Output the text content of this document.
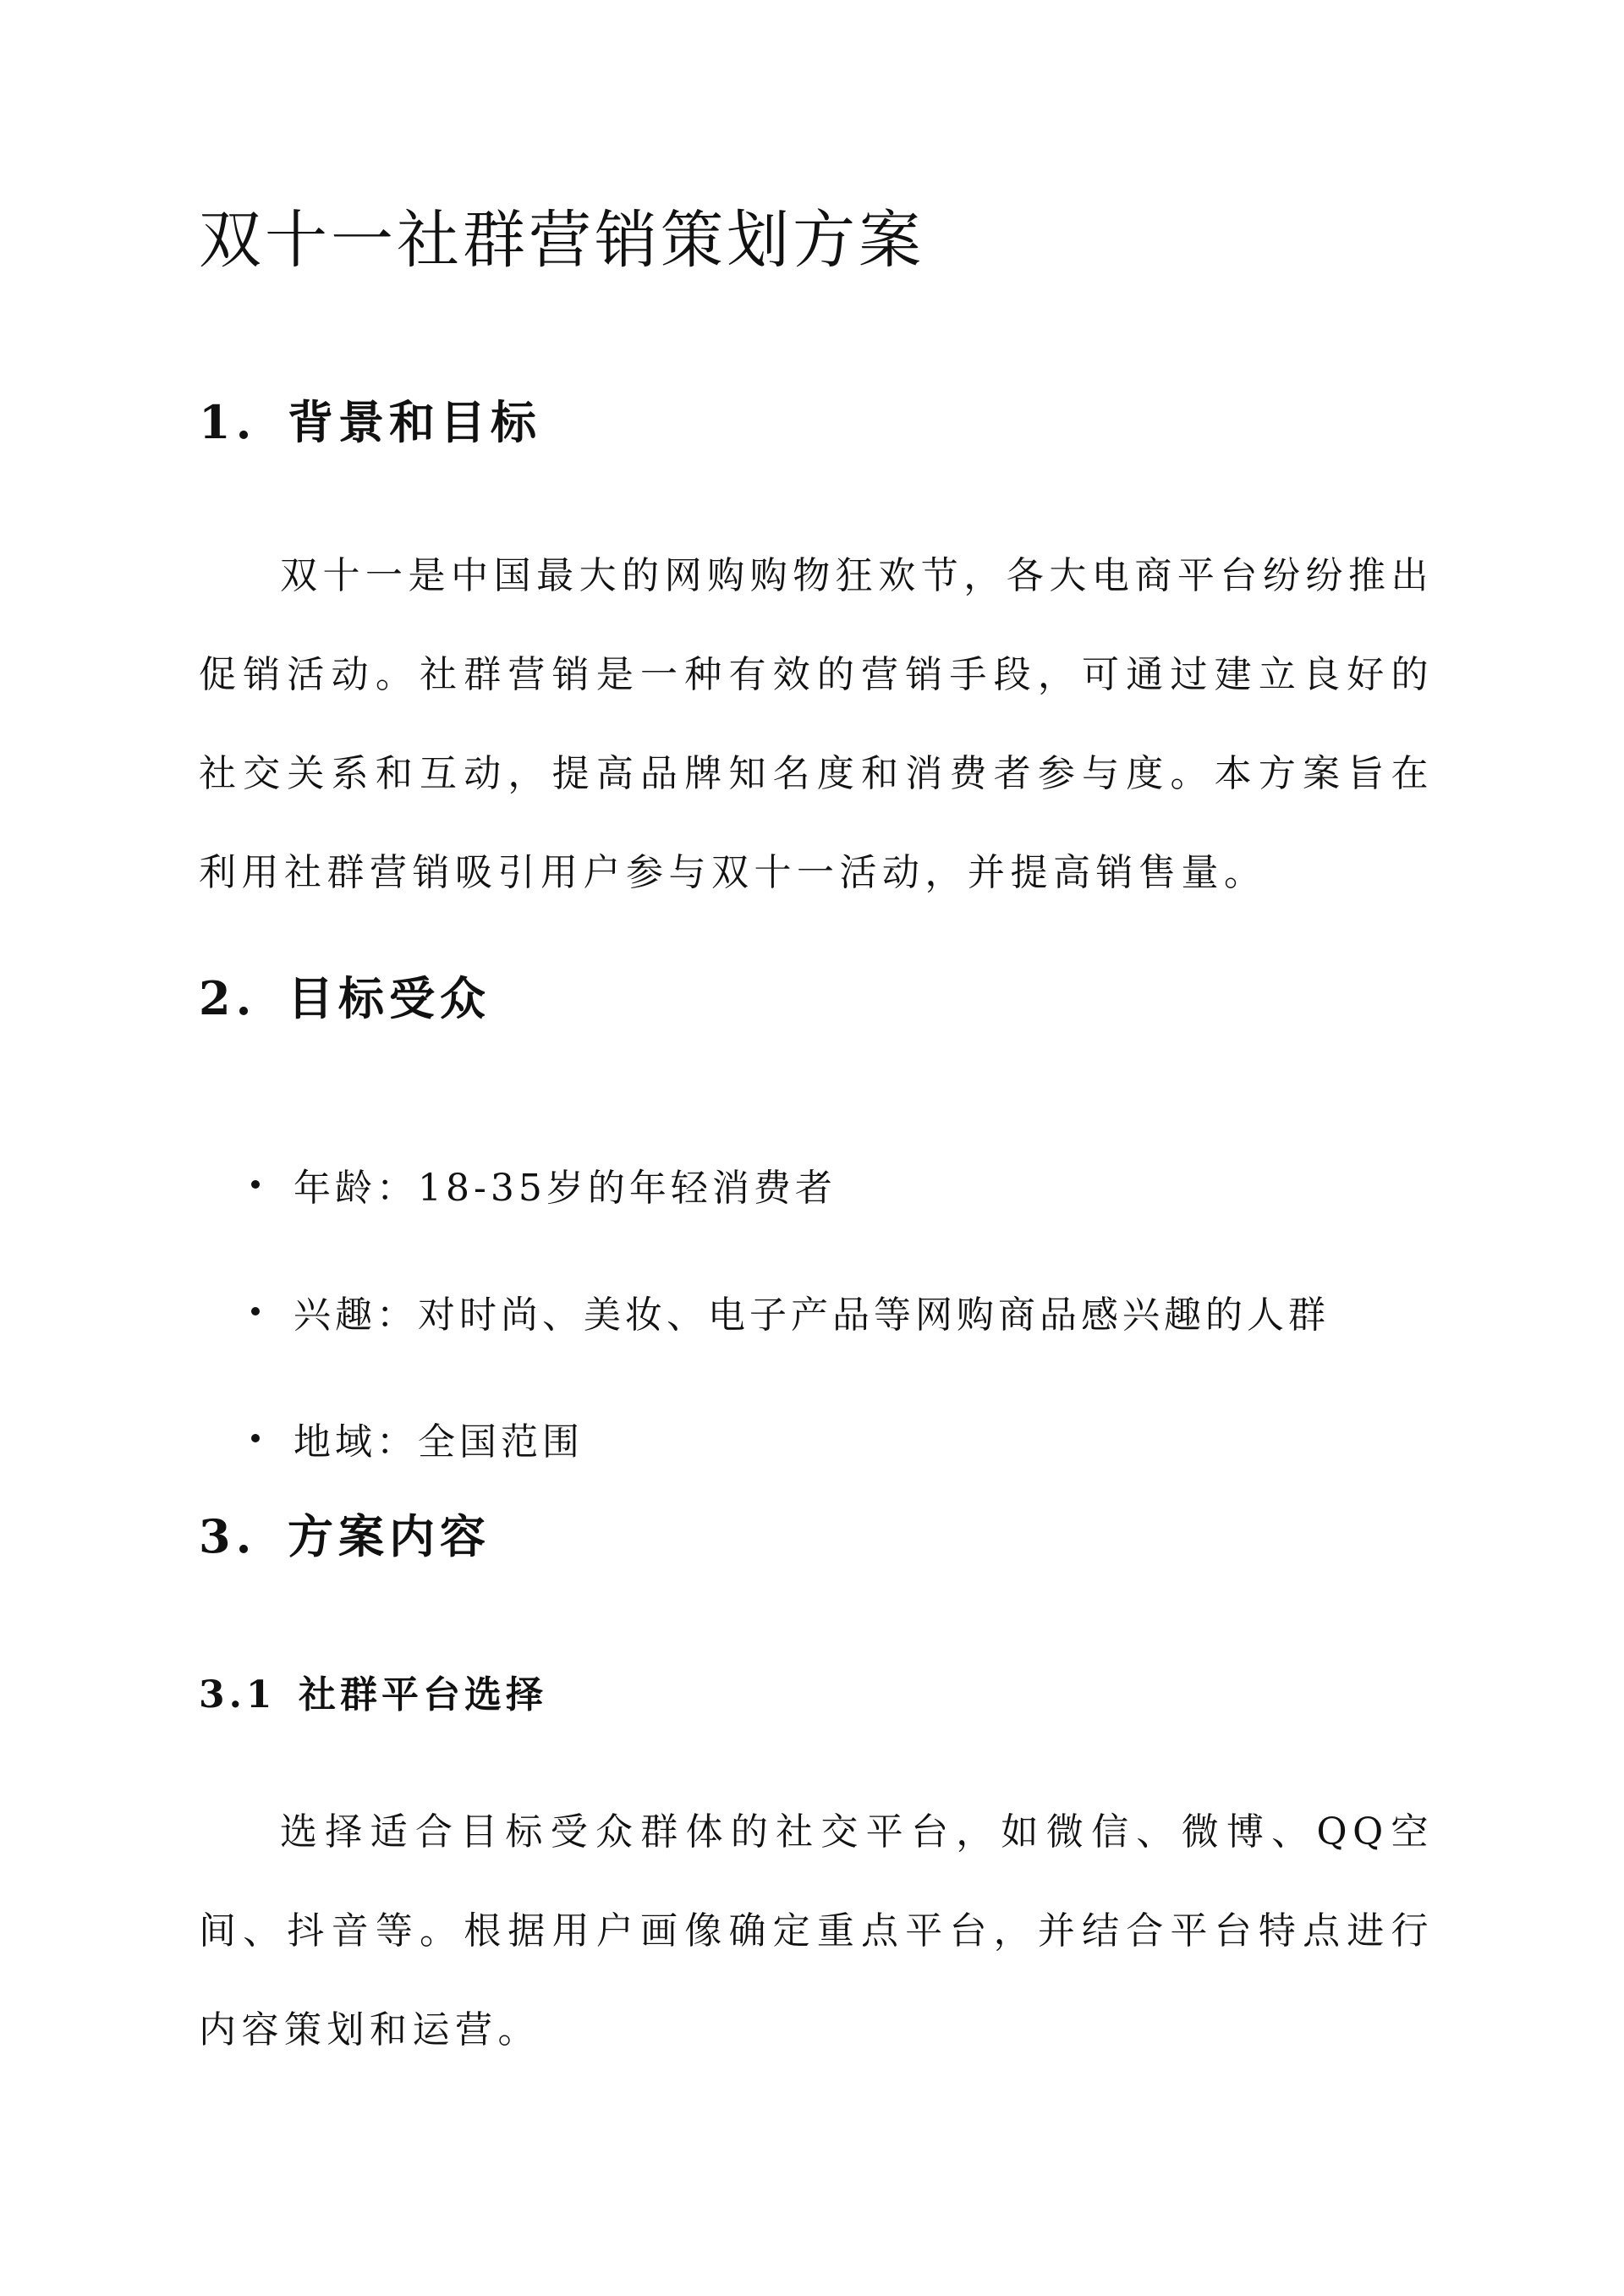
双十一社群营销策划方案
1. 背景和目标

双十一是中国最大的网购购物狂欢节，各大电商平台纷纷推出促销活动。社群营销是一种有效的营销手段，可通过建立良好的社交关系和互动，提高品牌知名度和消费者参与度。本方案旨在利用社群营销吸引用户参与双十一活动，并提高销售量。

2. 目标受众
年龄：18-35岁的年轻消费者
兴趣：对时尚、美妆、电子产品等网购商品感兴趣的人群
地域：全国范围
3. 方案内容
3.1 社群平台选择

选择适合目标受众群体的社交平台，如微信、微博、QQ空间、抖音等。根据用户画像确定重点平台，并结合平台特点进行内容策划和运营。
